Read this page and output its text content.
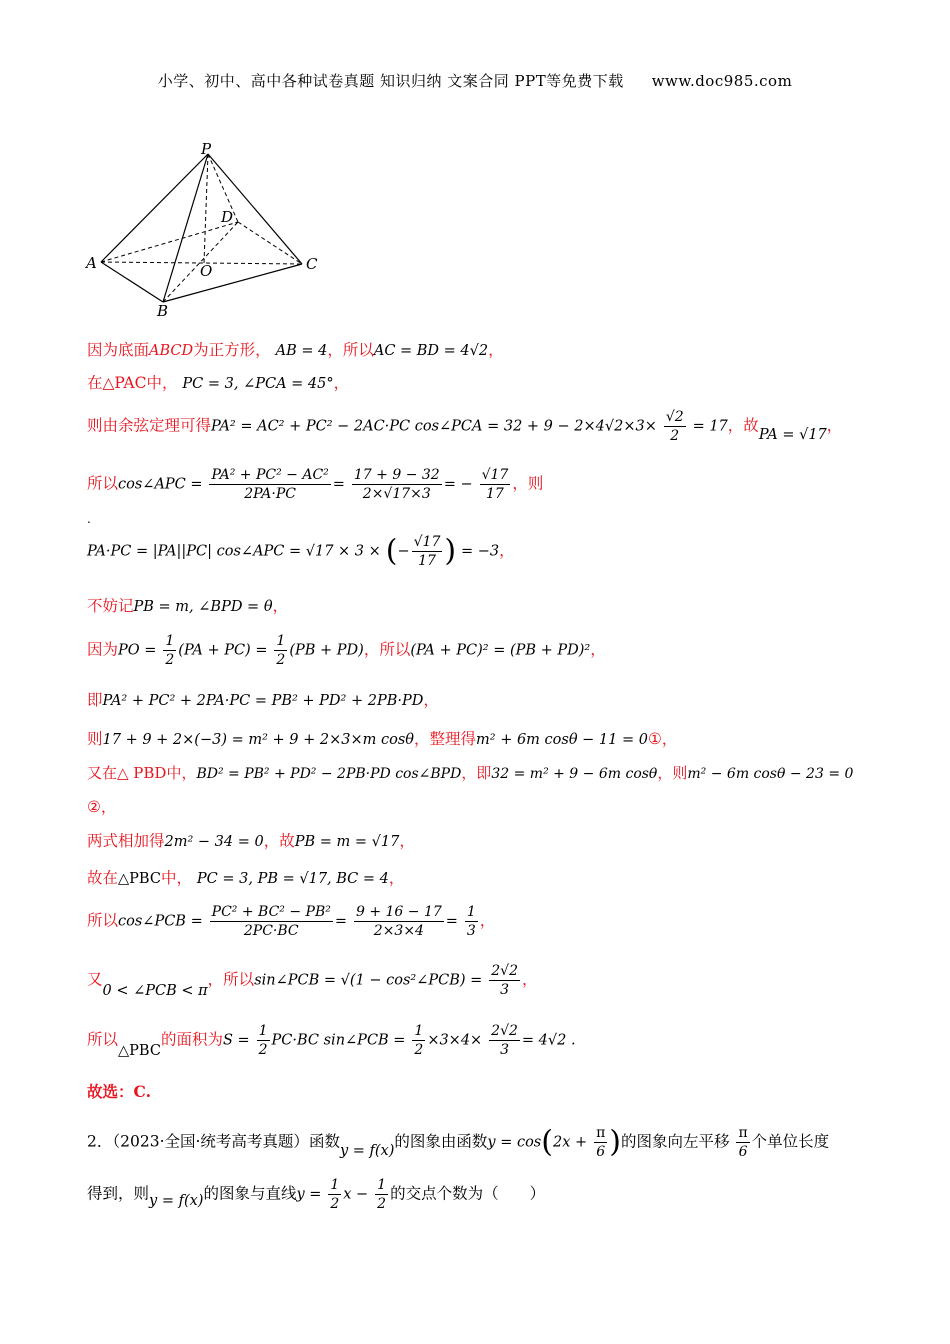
小学、初中、高中各种试卷真题 知识归纳 文案合同 PPT等免费下载 www.doc985.com
P
D
A	O	C
B
因为底面ABCD为正方形， AB = 4，所以AC = BD = 4√2，
在△PAC中， PC = 3, ∠PCA = 45°，
则由余弦定理可得PA² = AC² + PC² − 2AC·PC cos∠PCA = $32 + 9 - 2\times 4√2\times 3\times \frac{√2}{2} = 17$，故PA = √17，
所以cos∠APC = $\frac{\text{PA² + PC² − AC²}}{2PA\cdot PC} = \frac{17 + 9 - 32}{2\times√17\times 3}$ = − $\frac{√17}{17}$ ，则
.
PA·PC = |PA||PC| cos∠APC = √17 × 3 × (− $\frac{√17}{17}$ ) = −3，
不妨记PB = m, ∠BPD = θ，
因为PO = $\frac{1}{2} (PA + PC) = \frac{1}{2} (PB + PD)$，所以(PA + PC)² = (PB + PD)²，
即PA² + PC² + 2PA·PC = PB² + PD² + 2PB·PD，
则17 + 9 + 2×(−3) = m² + 9 + 2×3×m cosθ，整理得m² + 6m cosθ − 11 = 0①，
又在△ PBD中，BD² = PB² + PD² − 2PB·PD cos∠BPD，即32 = m² + 9 − 6m cosθ，则m² − 6m cosθ − 23 = 0
②，
两式相加得2m² − 34 = 0，故PB = m = √17，
故在△PBC中， PC = 3, PB = √17, BC = 4，
所以cos∠PCB = $\frac{\text{PC² + BC² − PB²}}{2PC\cdot BC} = \frac{9 + 16 - 17}{2\times 3\times 4} = \frac{1}{3}$ ，
又0 < ∠PCB < π，所以sin∠PCB = √(1 − cos²∠PCB) = $\frac{2√2}{3}$ ，
所以△PBC的面积为$S = \frac{1}{2} PC\cdot BC$ sin∠PCB = $\frac{1}{2} \times 3\times 4\times \frac{2√2}{3} = 4√2$ .
故选：C.
2．（2023·全国·统考高考真题）函数y = f(x)的图象由函数$y = \cos(2x + \frac{\pi}{6}$ )的图象向左平移 $\frac{\pi}{6}$ 个单位长度
得到，则y = f(x)的图象与直线$y = \frac{1}{2}$ $x - \frac{1}{2}$ 的交点个数为（　　）
